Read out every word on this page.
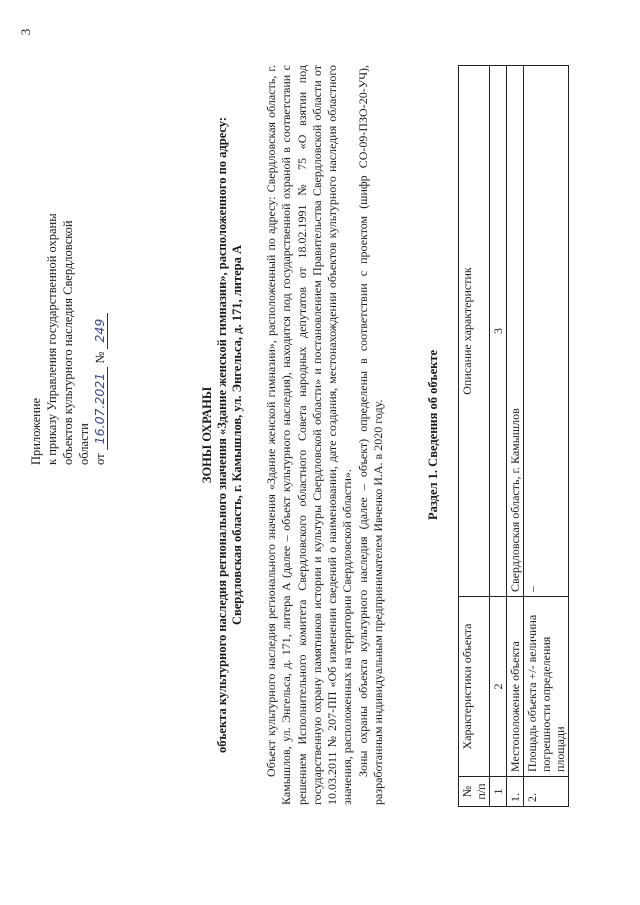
3
Приложение к приказу Управления государственной охраны объектов культурного наследия Свердловской области от 16.07.2021 № 249
ЗОНЫ ОХРАНЫ объекта культурного наследия регионального значения «Здание женской гимназии», расположенного по адресу: Свердловская область, г. Камышлов, ул. Энгельса, д. 171, литера А Объект культурного наследия регионального значения «Здание женской гимназии», расположенный по адресу: Свердловская область, г. Камышлов, ул. Энгельса, д. 171, литера А (далее – объект культурного наследия), находится под государственной охраной в соответствии с решением Исполнительного комитета Свердловского областного Совета народных депутатов от 18.02.1991 № 75 «О взятии под государственную охрану памятников истории и культуры Свердловской области» и постановлением Правительства Свердловской области от 10.03.2011 № 207-ПП «Об изменении сведений о наименовании, дате создания, местонахождении объектов культурного наследия областного значения, расположенных на территории Свердловской области». Зоны охраны объекта культурного наследия (далее – объект) определены в соответствии с проектом (шифр СО-09-ПЗО-20-УЧ), разработанным индивидуальным предпринимателем Ивченко И.А. в 2020 году.	Раздел 1. Сведения об объекте
№ п/п	Характеристики объекта	Описание характеристик
1	2	3
1.	Местоположение объекта	Свердловская область, г. Камышлов
2.	Площадь объекта +/- величина погрешности определения площади	–
